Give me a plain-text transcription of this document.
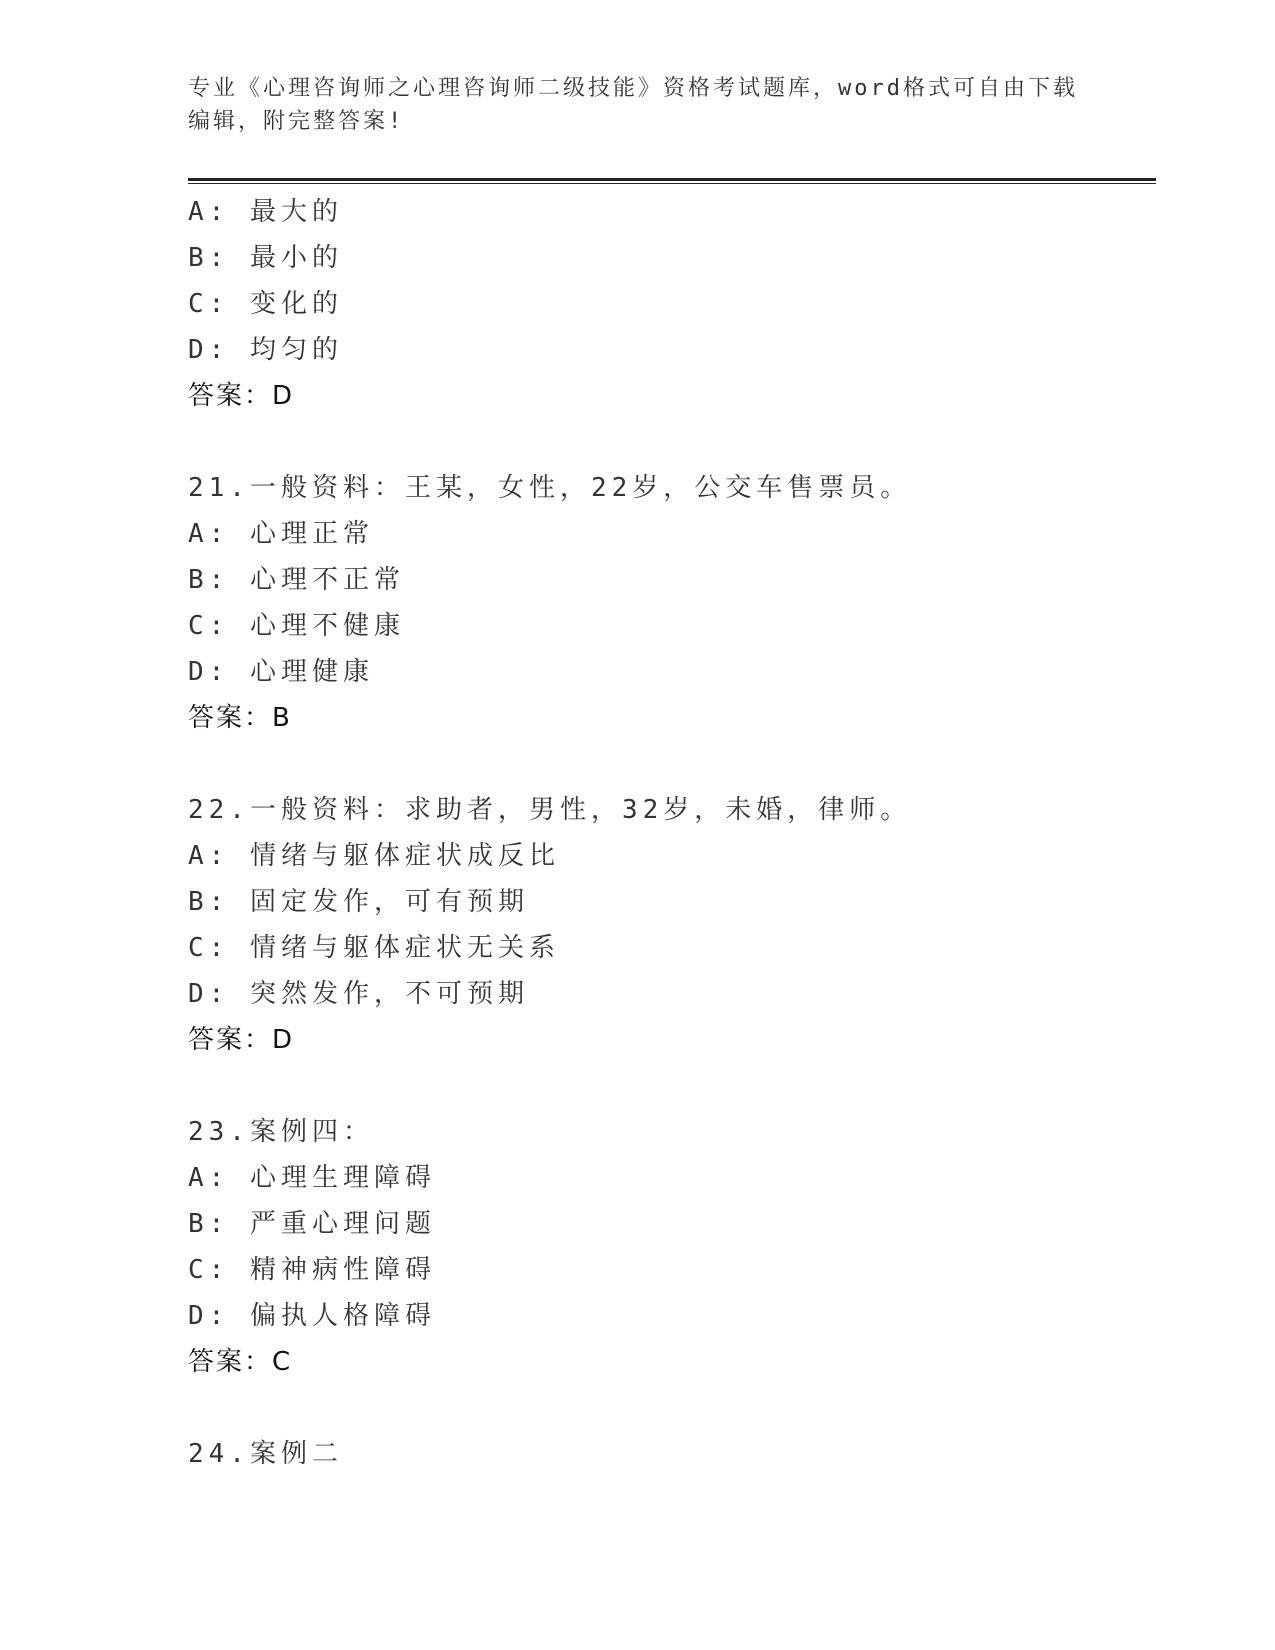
专业《心理咨询师之心理咨询师二级技能》资格考试题库，word格式可自由下载
编辑，附完整答案!
A: 最大的
B: 最小的
C: 变化的
D: 均匀的
答案：D
21.一般资料：王某，女性，22岁，公交车售票员。
A: 心理正常
B: 心理不正常
C: 心理不健康
D: 心理健康
答案：B
22.一般资料：求助者，男性，32岁，未婚，律师。
A: 情绪与躯体症状成反比
B: 固定发作，可有预期
C: 情绪与躯体症状无关系
D: 突然发作，不可预期
答案：D
23.案例四：
A: 心理生理障碍
B: 严重心理问题
C: 精神病性障碍
D: 偏执人格障碍
答案：C
24.案例二
